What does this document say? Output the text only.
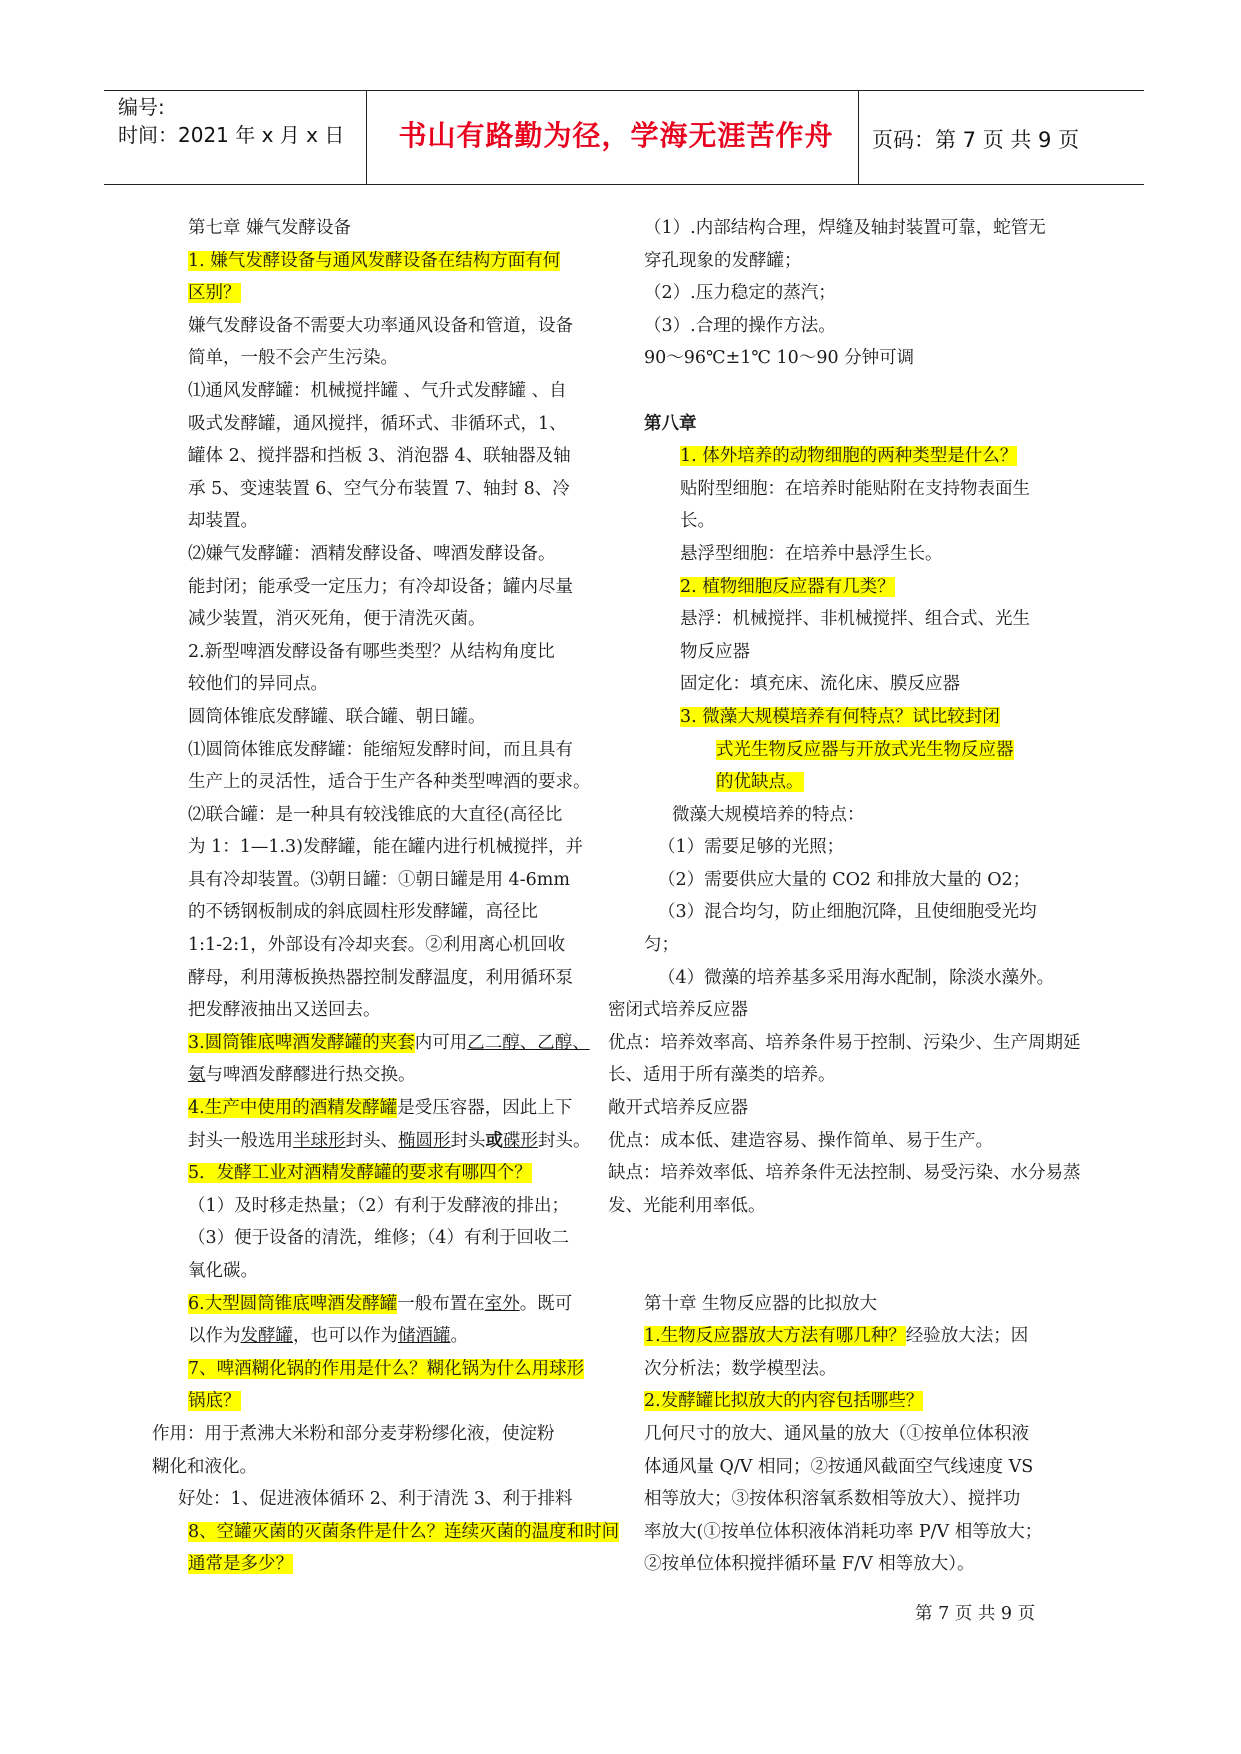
编号:
时间：2021 年 x 月 x 日	书山有路勤为径，学海无涯苦作舟	页码：第 7 页 共 9 页
第七章 嫌气发酵设备
1. 嫌气发酵设备与通风发酵设备在结构方面有何
区别？
嫌气发酵设备不需要大功率通风设备和管道，设备
简单，一般不会产生污染。
⑴通风发酵罐：机械搅拌罐 、气升式发酵罐 、自
吸式发酵罐，通风搅拌，循环式、非循环式，1、
罐体 2、搅拌器和挡板 3、消泡器 4、联轴器及轴
承 5、变速装置 6、空气分布装置 7、轴封 8、冷
却装置。
⑵嫌气发酵罐：酒精发酵设备、啤酒发酵设备。
能封闭；能承受一定压力；有冷却设备；罐内尽量
减少装置，消灭死角，便于清洗灭菌。
2.新型啤酒发酵设备有哪些类型？从结构角度比
较他们的异同点。
圆筒体锥底发酵罐、联合罐、朝日罐。
⑴圆筒体锥底发酵罐：能缩短发酵时间，而且具有
生产上的灵活性，适合于生产各种类型啤酒的要求。
⑵联合罐：是一种具有较浅锥底的大直径(高径比
为 1：1—1.3)发酵罐，能在罐内进行机械搅拌，并
具有冷却装置。⑶朝日罐：①朝日罐是用 4-6mm
的不锈钢板制成的斜底圆柱形发酵罐，高径比
1:1-2:1，外部设有冷却夹套。②利用离心机回收
酵母，利用薄板换热器控制发酵温度，利用循环泵
把发酵液抽出又送回去。
3.圆筒锥底啤酒发酵罐的夹套内可用乙二醇、乙醇、
氨与啤酒发酵醪进行热交换。
4.生产中使用的酒精发酵罐是受压容器，因此上下
封头一般选用半球形封头、椭圆形封头或碟形封头。
5．发酵工业对酒精发酵罐的要求有哪四个？
（1）及时移走热量；（2）有利于发酵液的排出；
（3）便于设备的清洗，维修；（4）有利于回收二
氧化碳。
6.大型圆筒锥底啤酒发酵罐一般布置在室外。既可
以作为发酵罐，也可以作为储酒罐。
7、啤酒糊化锅的作用是什么？糊化锅为什么用球形
锅底？
作用：用于煮沸大米粉和部分麦芽粉缪化液，使淀粉
糊化和液化。
好处：1、促进液体循环 2、利于清洗 3、利于排料
8、空罐灭菌的灭菌条件是什么？连续灭菌的温度和时间
通常是多少？
（1）.内部结构合理，焊缝及轴封装置可靠，蛇管无
穿孔现象的发酵罐；
（2）.压力稳定的蒸汽；
（3）.合理的操作方法。
90～96℃±1℃ 10～90 分钟可调
第八章
1. 体外培养的动物细胞的两种类型是什么？
贴附型细胞：在培养时能贴附在支持物表面生
长。
悬浮型细胞：在培养中悬浮生长。
2. 植物细胞反应器有几类？
悬浮：机械搅拌、非机械搅拌、组合式、光生
物反应器
固定化：填充床、流化床、膜反应器
3. 微藻大规模培养有何特点？试比较封闭
式光生物反应器与开放式光生物反应器
的优缺点。
微藻大规模培养的特点：
（1）需要足够的光照；
（2）需要供应大量的 CO2 和排放大量的 O2；
（3）混合均匀，防止细胞沉降，且使细胞受光均
匀；
（4）微藻的培养基多采用海水配制，除淡水藻外。
密闭式培养反应器
优点：培养效率高、培养条件易于控制、污染少、生产周期延
长、适用于所有藻类的培养。
敞开式培养反应器
优点：成本低、建造容易、操作简单、易于生产。
缺点：培养效率低、培养条件无法控制、易受污染、水分易蒸
发、光能利用率低。
第十章 生物反应器的比拟放大
1.生物反应器放大方法有哪几种？经验放大法；因
次分析法；数学模型法。
2.发酵罐比拟放大的内容包括哪些？
几何尺寸的放大、通风量的放大（①按单位体积液
体通风量 Q/V 相同；②按通风截面空气线速度 VS
相等放大；③按体积溶氧系数相等放大）、搅拌功
率放大(①按单位体积液体消耗功率 P/V 相等放大；
②按单位体积搅拌循环量 F/V 相等放大）。
第 7 页 共 9 页
